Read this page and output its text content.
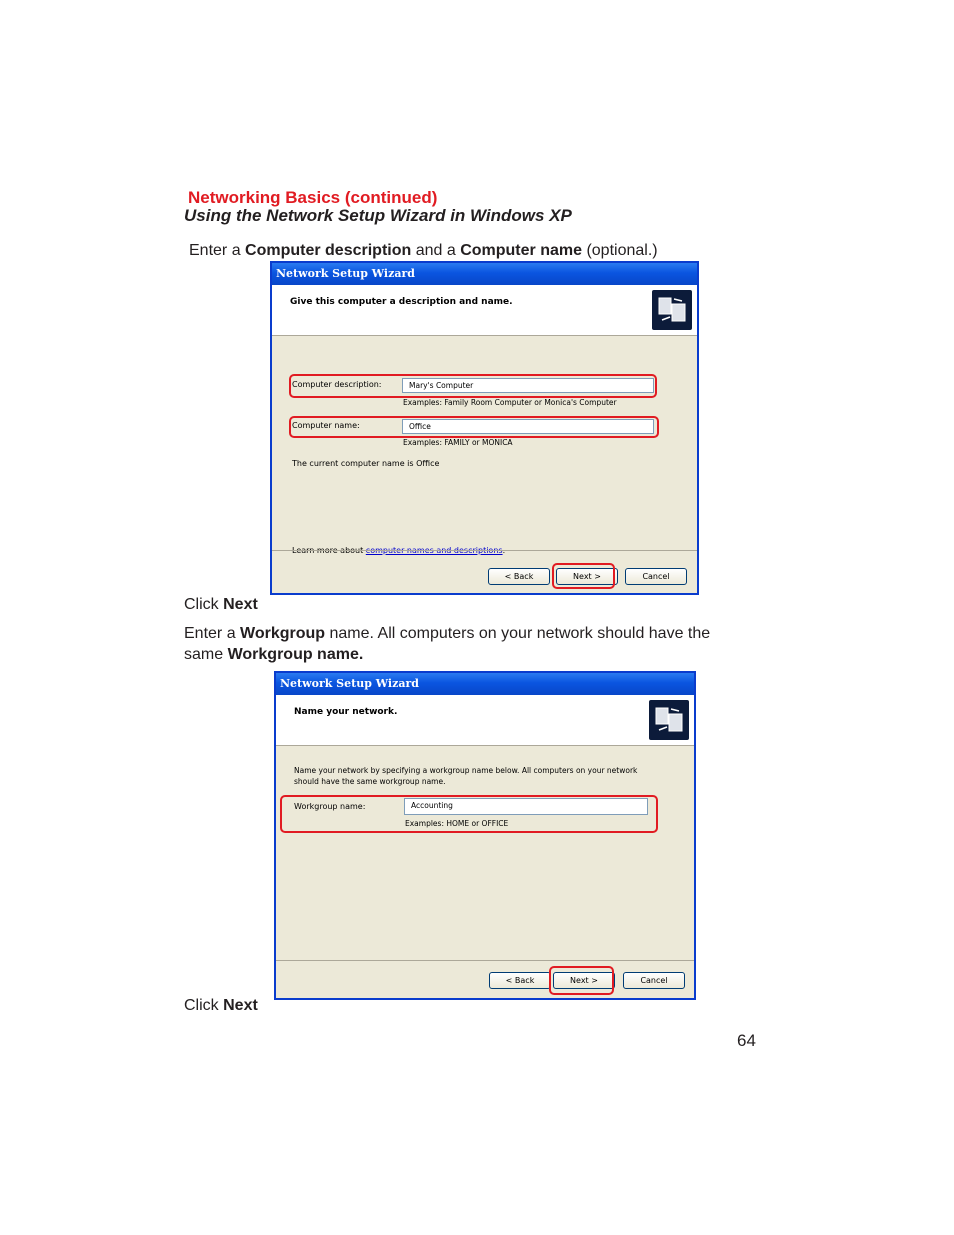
Networking Basics (continued)
Using the Network Setup Wizard in Windows XP
Enter a Computer description and a Computer name (optional.)
Network Setup Wizard
Give this computer a description and name.
Computer description:	Mary's Computer
Examples: Family Room Computer or Monica's Computer
Computer name:	Office
Examples: FAMILY or MONICA
The current computer name is Office
Learn more about computer names and descriptions.
< Back	Next >	Cancel
Click Next
Enter a Workgroup name. All computers on your network should have the
same Workgroup name.
Network Setup Wizard
Name your network.
Name your network by specifying a workgroup name below. All computers on your network
should have the same workgroup name.
Workgroup name:	Accounting
Examples: HOME or OFFICE
< Back	Next >	Cancel
Click Next
64
